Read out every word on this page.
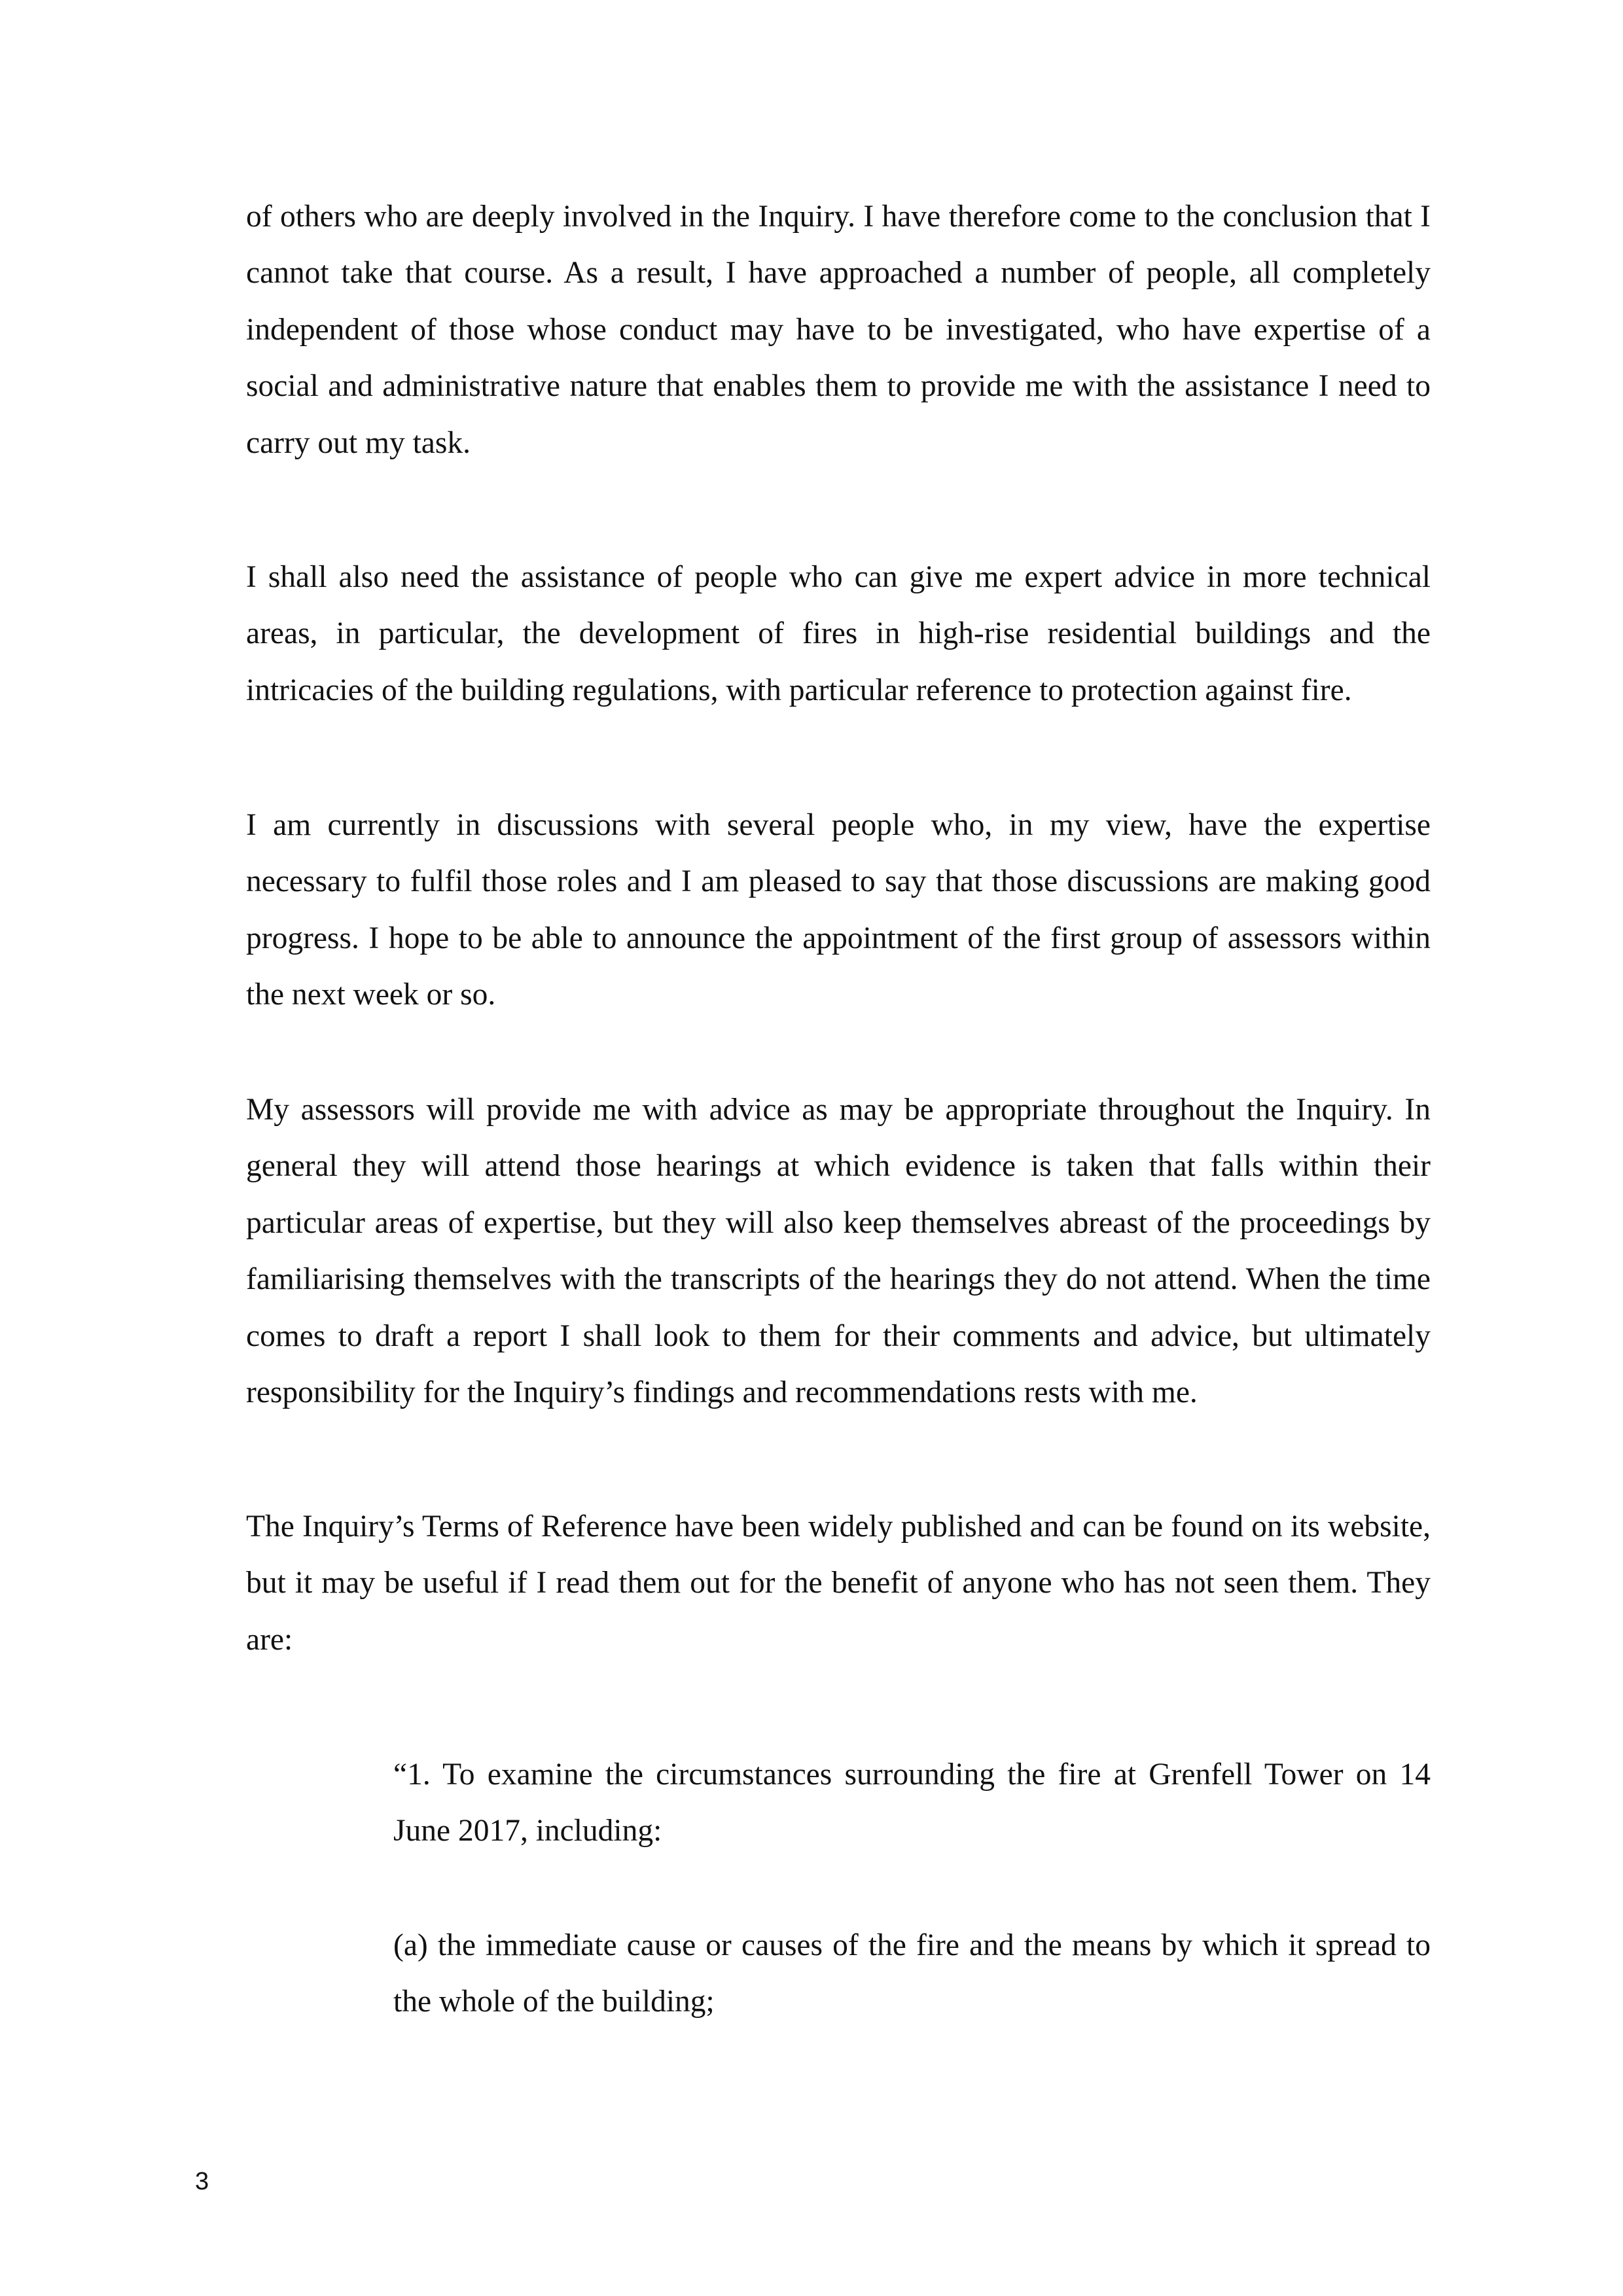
of others who are deeply involved in the Inquiry. I have therefore come to the conclusion that I cannot take that course. As a result, I have approached a number of people, all completely independent of those whose conduct may have to be investigated, who have expertise of a social and administrative nature that enables them to provide me with the assistance I need to carry out my task.

I shall also need the assistance of people who can give me expert advice in more technical areas, in particular, the development of fires in high-rise residential buildings and the intricacies of the building regulations, with particular reference to protection against fire.

I am currently in discussions with several people who, in my view, have the expertise necessary to fulfil those roles and I am pleased to say that those discussions are making good progress. I hope to be able to announce the appointment of the first group of assessors within the next week or so.

My assessors will provide me with advice as may be appropriate throughout the Inquiry. In general they will attend those hearings at which evidence is taken that falls within their particular areas of expertise, but they will also keep themselves abreast of the proceedings by familiarising themselves with the transcripts of the hearings they do not attend. When the time comes to draft a report I shall look to them for their comments and advice, but ultimately responsibility for the Inquiry’s findings and recommendations rests with me.

The Inquiry’s Terms of Reference have been widely published and can be found on its website, but it may be useful if I read them out for the benefit of anyone who has not seen them. They are:

“1. To examine the circumstances surrounding the fire at Grenfell Tower on 14 June 2017, including:

(a) the immediate cause or causes of the fire and the means by which it spread to the whole of the building;

3
